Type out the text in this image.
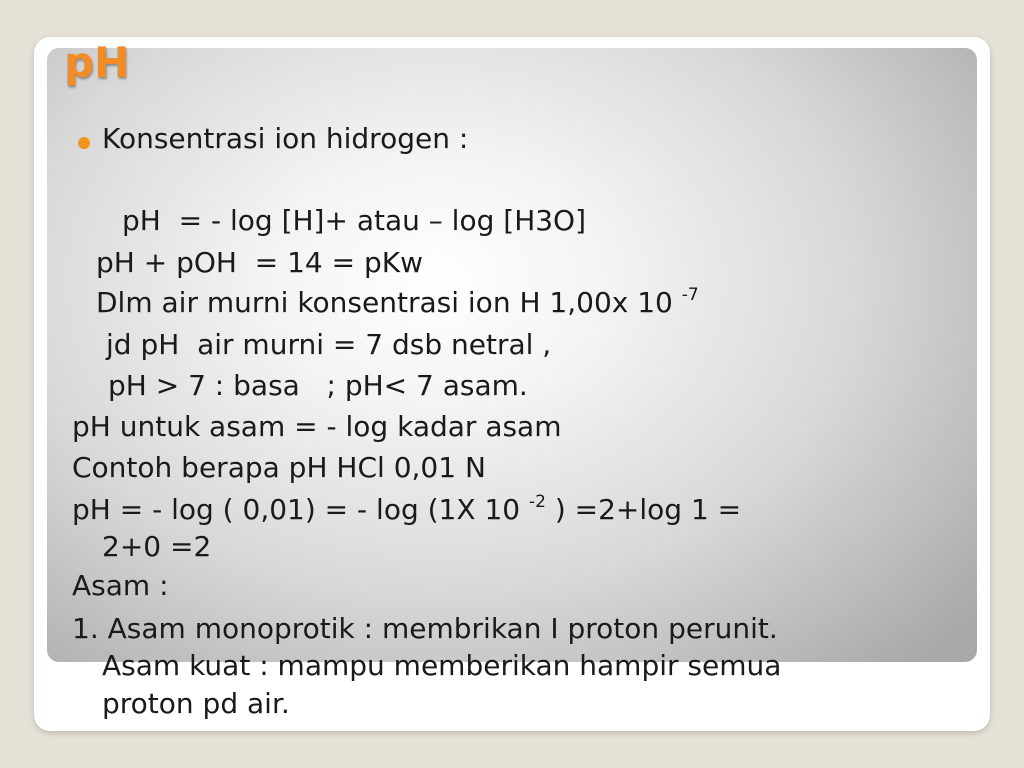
pH
Konsentrasi ion hidrogen :
pH  = - log [H]+ atau – log [H3O]
pH + pOH  = 14 = pKw
Dlm air murni konsentrasi ion H 1,00x 10 $^{-7}$
jd pH  air murni = 7 dsb netral ,
pH > 7 : basa   ; pH< 7 asam.
pH untuk asam = - log kadar asam
Contoh berapa pH HCl 0,01 N
pH = - log ( 0,01) = - log (1X 10 $^{-2}$ ) =2+log 1 =
2+0 =2
Asam :
1. Asam monoprotik : membrikan I proton perunit.
Asam kuat : mampu memberikan hampir semua
proton pd air.
